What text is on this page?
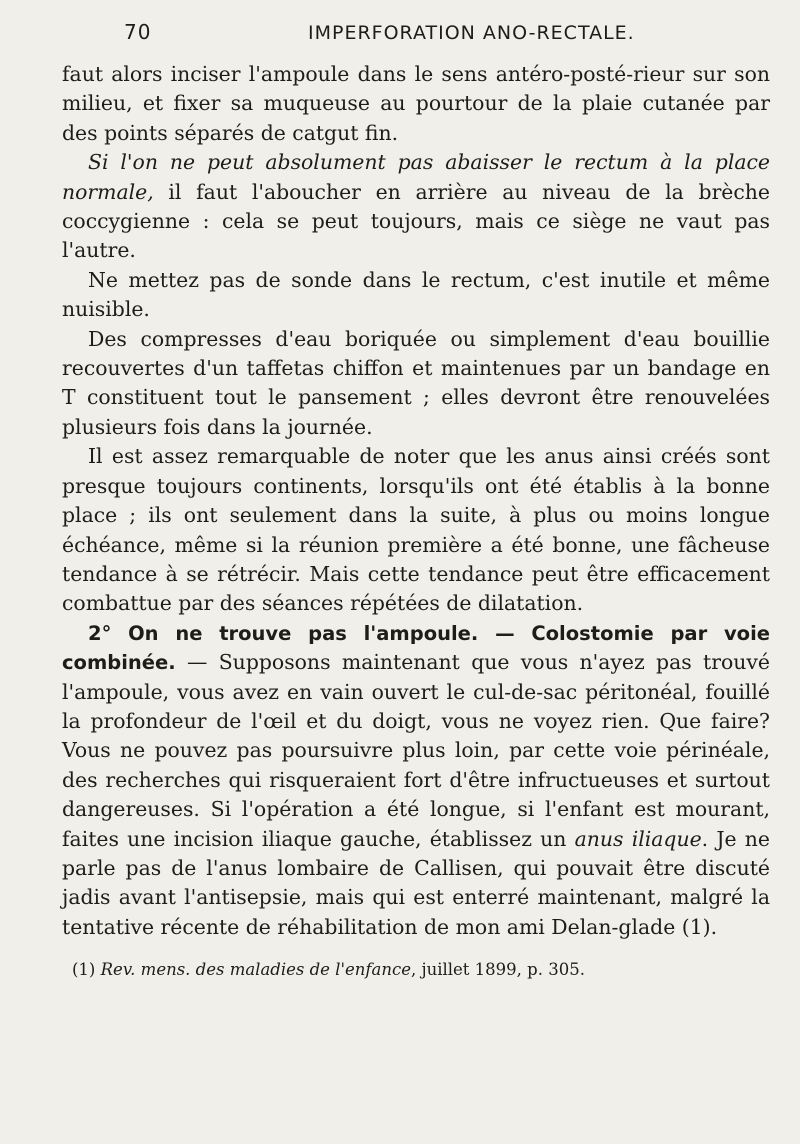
70	IMPERFORATION ANO-RECTALE.

faut alors inciser l'ampoule dans le sens antéro-posté-rieur sur son milieu, et fixer sa muqueuse au pourtour de la plaie cutanée par des points séparés de catgut fin.

Si l'on ne peut absolument pas abaisser le rectum à la place normale, il faut l'aboucher en arrière au niveau de la brèche coccygienne : cela se peut toujours, mais ce siège ne vaut pas l'autre.

Ne mettez pas de sonde dans le rectum, c'est inutile et même nuisible.

Des compresses d'eau boriquée ou simplement d'eau bouillie recouvertes d'un taffetas chiffon et maintenues par un bandage en T constituent tout le pansement ; elles devront être renouvelées plusieurs fois dans la journée.

Il est assez remarquable de noter que les anus ainsi créés sont presque toujours continents, lorsqu'ils ont été établis à la bonne place ; ils ont seulement dans la suite, à plus ou moins longue échéance, même si la réunion première a été bonne, une fâcheuse tendance à se rétrécir. Mais cette tendance peut être efficacement combattue par des séances répétées de dilatation.

2° On ne trouve pas l'ampoule. — Colostomie par voie combinée. — Supposons maintenant que vous n'ayez pas trouvé l'ampoule, vous avez en vain ouvert le cul-de-sac péritonéal, fouillé la profondeur de l'œil et du doigt, vous ne voyez rien. Que faire? Vous ne pouvez pas poursuivre plus loin, par cette voie périnéale, des recherches qui risqueraient fort d'être infructueuses et surtout dangereuses. Si l'opération a été longue, si l'enfant est mourant, faites une incision iliaque gauche, établissez un anus iliaque. Je ne parle pas de l'anus lombaire de Callisen, qui pouvait être discuté jadis avant l'antisepsie, mais qui est enterré maintenant, malgré la tentative récente de réhabilitation de mon ami Delan-glade (1).

(1) Rev. mens. des maladies de l'enfance, juillet 1899, p. 305.
